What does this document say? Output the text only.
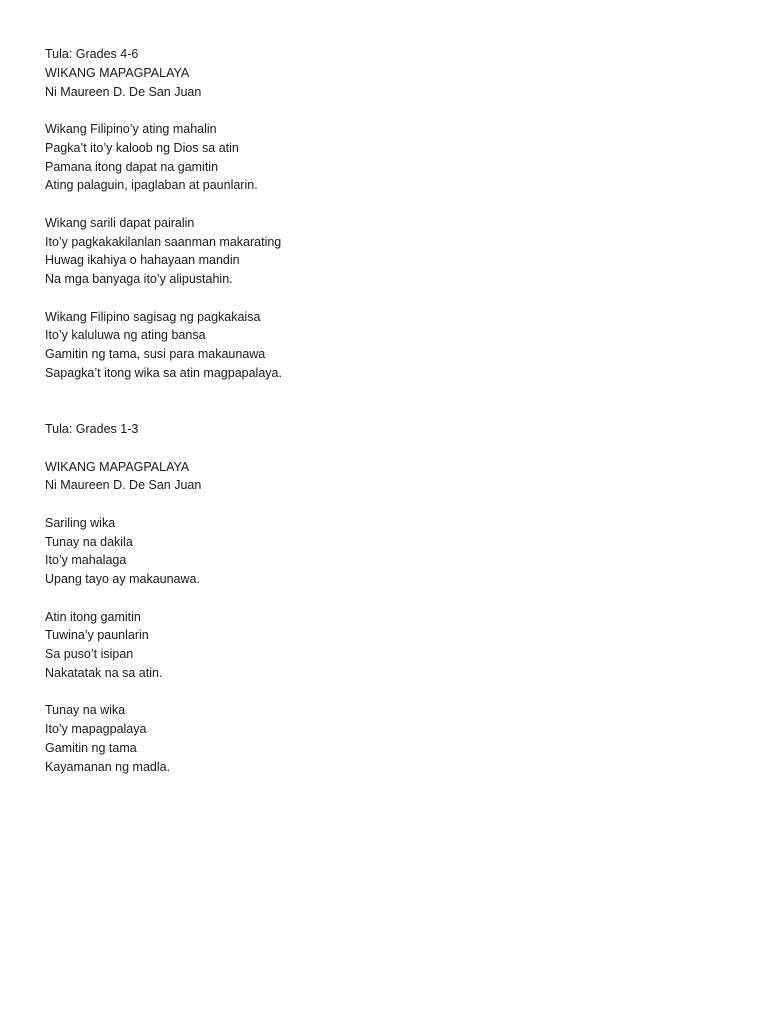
Tula: Grades 4-6
WIKANG MAPAGPALAYA
Ni Maureen D. De San Juan
Wikang Filipino’y ating mahalin
Pagka’t ito’y kaloob ng Dios sa atin
Pamana itong dapat na gamitin
Ating palaguin, ipaglaban at paunlarin.
Wikang sarili dapat pairalin
Ito’y pagkakakilanlan saanman makarating
Huwag ikahiya o hahayaan mandin
Na mga banyaga ito’y alipustahin.
Wikang Filipino sagisag ng pagkakaisa
Ito’y kaluluwa ng ating bansa
Gamitin ng tama, susi para makaunawa
Sapagka’t itong wika sa atin magpapalaya.
Tula: Grades 1-3
WIKANG MAPAGPALAYA
Ni Maureen D. De San Juan
Sariling wika
Tunay na dakila
Ito’y mahalaga
Upang tayo ay makaunawa.
Atin itong gamitin
Tuwina’y paunlarin
Sa puso’t isipan
Nakatatak na sa atin.
Tunay na wika
Ito’y mapagpalaya
Gamitin ng tama
Kayamanan ng madla.
